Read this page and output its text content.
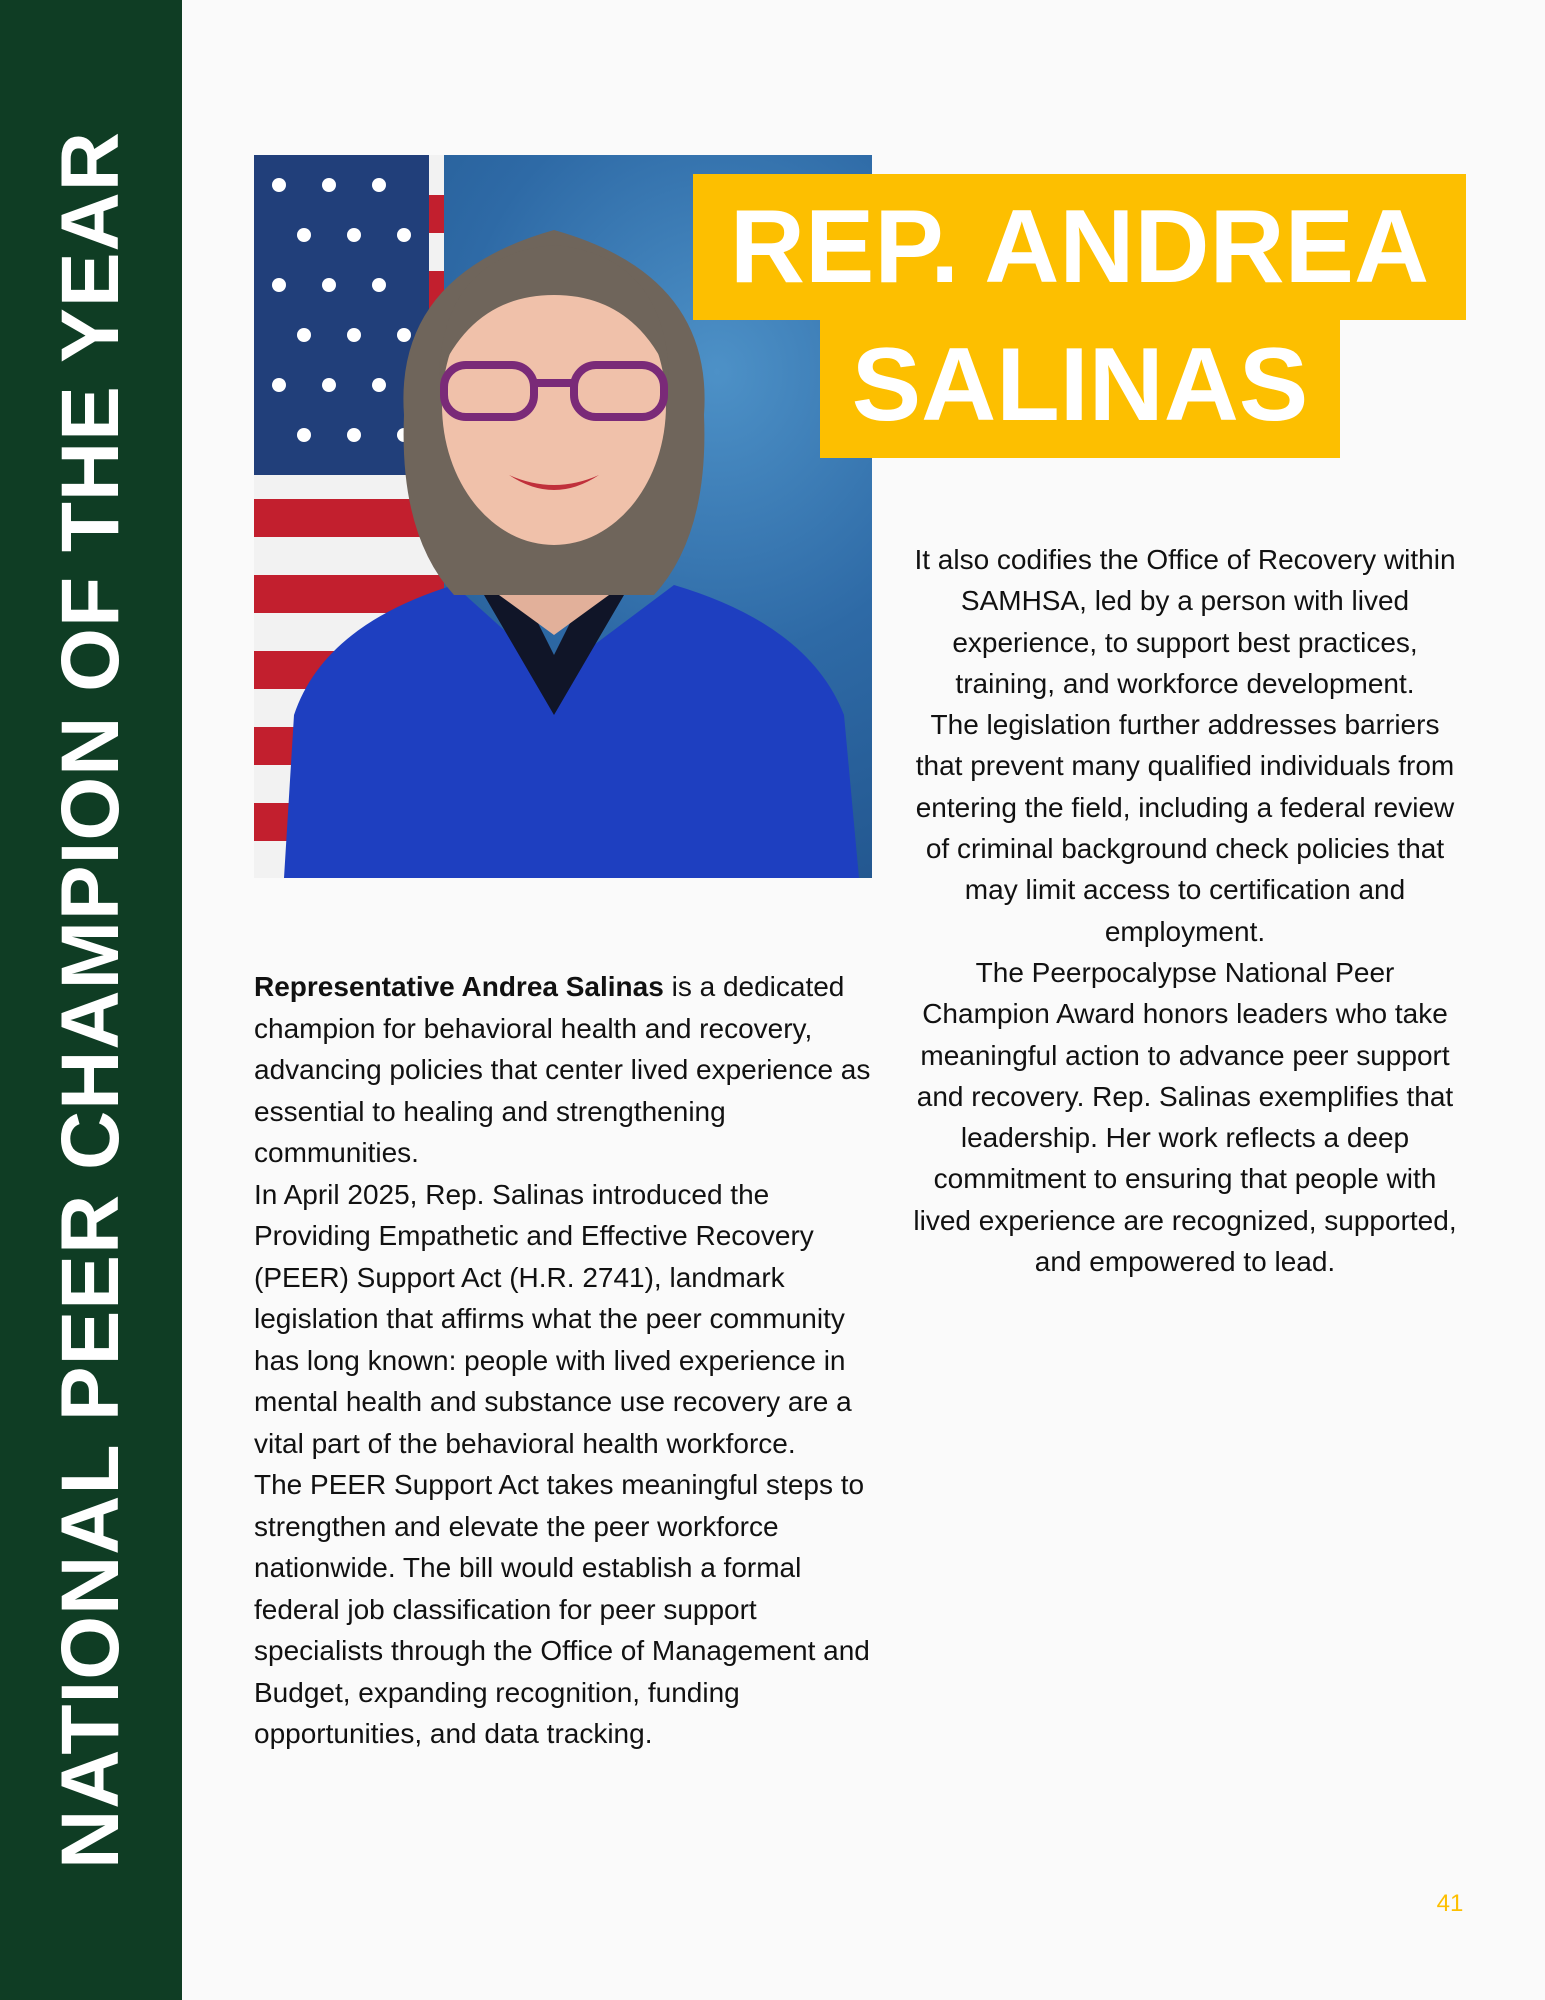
NATIONAL PEER CHAMPION OF THE YEAR	REP. ANDREA
SALINAS

Representative Andrea Salinas is a dedicated champion for behavioral health and recovery, advancing policies that center lived experience as essential to healing and strengthening communities.

In April 2025, Rep. Salinas introduced the Providing Empathetic and Effective Recovery (PEER) Support Act (H.R. 2741), landmark legislation that affirms what the peer community has long known: people with lived experience in mental health and substance use recovery are a vital part of the behavioral health workforce.

The PEER Support Act takes meaningful steps to strengthen and elevate the peer workforce nationwide. The bill would establish a formal federal job classification for peer support specialists through the Office of Management and Budget, expanding recognition, funding opportunities, and data tracking.

It also codifies the Office of Recovery within SAMHSA, led by a person with lived experience, to support best practices, training, and workforce development.

The legislation further addresses barriers that prevent many qualified individuals from entering the field, including a federal review of criminal background check policies that may limit access to certification and employment.

The Peerpocalypse National Peer Champion Award honors leaders who take meaningful action to advance peer support and recovery. Rep. Salinas exemplifies that leadership. Her work reflects a deep commitment to ensuring that people with lived experience are recognized, supported, and empowered to lead.

41
